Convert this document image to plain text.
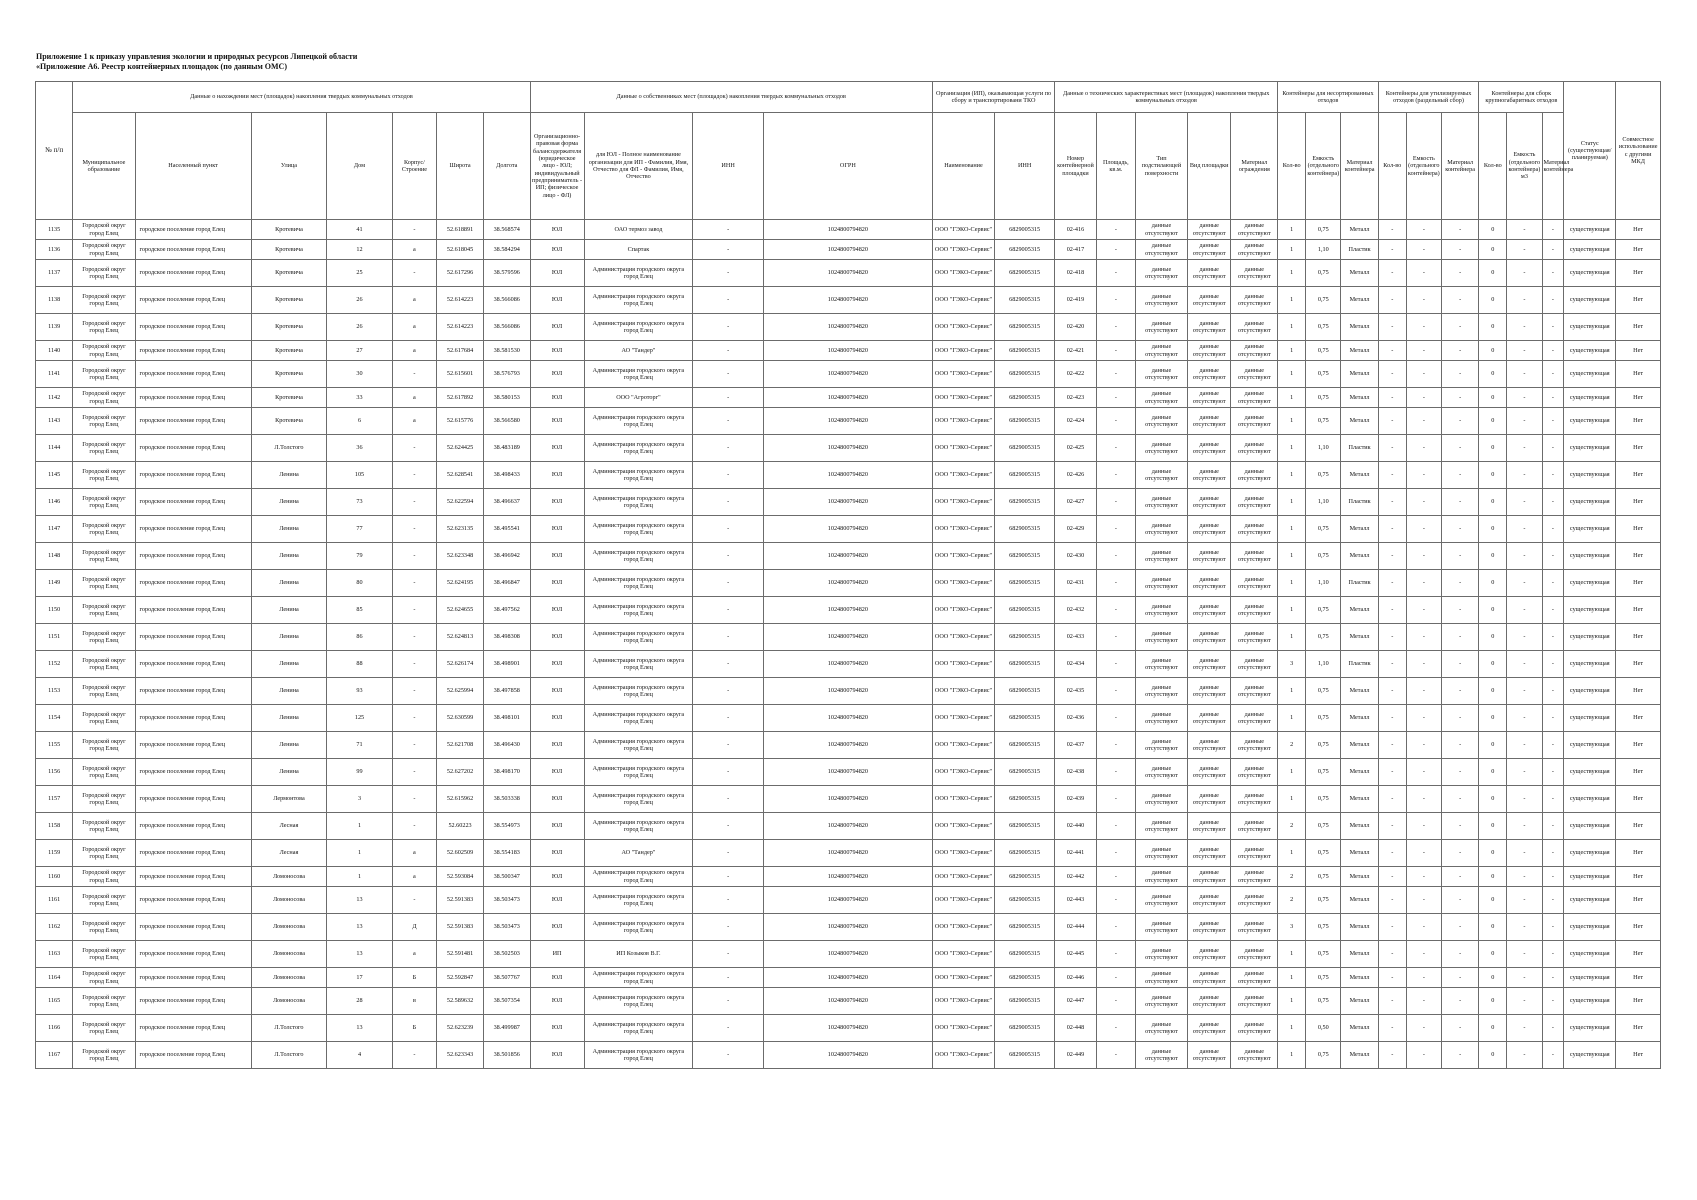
Приложение 1 к приказу управления экологии и природных ресурсов Липецкой области
«Приложение А6. Реестр контейнерных площадок (по данным ОМС)
№ п/п	Данные о нахождении мест (площадок) накопления твердых коммунальных отходов							Данные о собственниках мест (площадок) накопления твердых коммунальных отходов				Организация (ИП), оказывающая услуги по сбору и транспортировани ТКО		Данные о технических характеристиках мест (площадок) накопления твердых коммунальных отходов					Контейнеры для несортированных отходов			Контейнеры для утилизируемых отходов (раздельный сбор)			Контейнеры для сборк крупногабаритных отходов			Статус (существующая/ планируемая)	Совместное использование с другими МКД
	Муниципальное образование	Населенный пункт	Улица	Дом	Корпус/Строение	Широта	Долгота	Организационно-правовая форма балансодержателя (юридическое лицо - ЮЛ; индивидуальный предприниматель - ИП; физическое лицо - ФЛ)	для ЮЛ - Полное наименование организации для ИП - Фамилия, Имя, Отчество для ФЛ - Фамилия, Имя, Отчество	ИНН	ОГРН	Наименование	ИНН	Номер контейнерной площадки	Площадь, кв.м.	Тип подстилающей поверхности	Вид площадки	Материал ограждения	Кол-во	Емкость (отдельного контейнера)	Материал контейнера	Кол-во	Емкость (отдельного контейнера)	Материал контейнера	Кол-во	Емкость (отдельного контейнера) м3	Материал контейнера		
1135	Городской округ город Елец	городское поселение город Елец	Кротевича	41	-	52.618891	38.568574	ЮЛ	ОАО термоз завод	-	1024800794820	ООО "ГЭКО-Сервис"	6829005315	02-416	-	данные отсутствуют	данные отсутствуют	данные отсутствуют	1	0,75	Металл	-	-	-	0	-	-	существующая	Нет
1136	Городской округ город Елец	городское поселение город Елец	Кротевича	12	а	52.618045	38.584294	ЮЛ	Спартак	-	1024800794820	ООО "ГЭКО-Сервис"	6829005315	02-417	-	данные отсутствуют	данные отсутствуют	данные отсутствуют	1	1,10	Пластик	-	-	-	0	-	-	существующая	Нет
1137	Городской округ город Елец	городское поселение город Елец	Кротевича	25	-	52.617296	38.579596	ЮЛ	Администрация городского округа город Елец	-	1024800794820	ООО "ГЭКО-Сервис"	6829005315	02-418	-	данные отсутствуют	данные отсутствуют	данные отсутствуют	1	0,75	Металл	-	-	-	0	-	-	существующая	Нет
1138	Городской округ город Елец	городское поселение город Елец	Кротевича	26	а	52.614223	38.566086	ЮЛ	Администрация городского округа город Елец	-	1024800794820	ООО "ГЭКО-Сервис"	6829005315	02-419	-	данные отсутствуют	данные отсутствуют	данные отсутствуют	1	0,75	Металл	-	-	-	0	-	-	существующая	Нет
1139	Городской округ город Елец	городское поселение город Елец	Кротевича	26	а	52.614223	38.566086	ЮЛ	Администрация городского округа город Елец	-	1024800794820	ООО "ГЭКО-Сервис"	6829005315	02-420	-	данные отсутствуют	данные отсутствуют	данные отсутствуют	1	0,75	Металл	-	-	-	0	-	-	существующая	Нет
1140	Городской округ город Елец	городское поселение город Елец	Кротевича	27	а	52.617684	38.581530	ЮЛ	АО "Тандер"	-	1024800794820	ООО "ГЭКО-Сервис"	6829005315	02-421	-	данные отсутствуют	данные отсутствуют	данные отсутствуют	1	0,75	Металл	-	-	-	0	-	-	существующая	Нет
1141	Городской округ город Елец	городское поселение город Елец	Кротевича	30	-	52.615601	38.576793	ЮЛ	Администрация городского округа город Елец	-	1024800794820	ООО "ГЭКО-Сервис"	6829005315	02-422	-	данные отсутствуют	данные отсутствуют	данные отсутствуют	1	0,75	Металл	-	-	-	0	-	-	существующая	Нет
1142	Городской округ город Елец	городское поселение город Елец	Кротевича	33	а	52.617892	38.580153	ЮЛ	ООО "Агроторг"	-	1024800794820	ООО "ГЭКО-Сервис"	6829005315	02-423	-	данные отсутствуют	данные отсутствуют	данные отсутствуют	1	0,75	Металл	-	-	-	0	-	-	существующая	Нет
1143	Городской округ город Елец	городское поселение город Елец	Кротевича	6	а	52.615776	38.566580	ЮЛ	Администрация городского округа город Елец	-	1024800794820	ООО "ГЭКО-Сервис"	6829005315	02-424	-	данные отсутствуют	данные отсутствуют	данные отсутствуют	1	0,75	Металл	-	-	-	0	-	-	существующая	Нет
1144	Городской округ город Елец	городское поселение город Елец	Л.Толстого	36	-	52.624425	38.483189	ЮЛ	Администрация городского округа город Елец	-	1024800794820	ООО "ГЭКО-Сервис"	6829005315	02-425	-	данные отсутствуют	данные отсутствуют	данные отсутствуют	1	1,10	Пластик	-	-	-	0	-	-	существующая	Нет
1145	Городской округ город Елец	городское поселение город Елец	Ленина	105	-	52.628541	38.498433	ЮЛ	Администрация городского округа город Елец	-	1024800794820	ООО "ГЭКО-Сервис"	6829005315	02-426	-	данные отсутствуют	данные отсутствуют	данные отсутствуют	1	0,75	Металл	-	-	-	0	-	-	существующая	Нет
1146	Городской округ город Елец	городское поселение город Елец	Ленина	73	-	52.622594	38.496637	ЮЛ	Администрация городского округа город Елец	-	1024800794820	ООО "ГЭКО-Сервис"	6829005315	02-427	-	данные отсутствуют	данные отсутствуют	данные отсутствуют	1	1,10	Пластик	-	-	-	0	-	-	существующая	Нет
1147	Городской округ город Елец	городское поселение город Елец	Ленина	77	-	52.623135	38.495541	ЮЛ	Администрация городского округа город Елец	-	1024800794820	ООО "ГЭКО-Сервис"	6829005315	02-429	-	данные отсутствуют	данные отсутствуют	данные отсутствуют	1	0,75	Металл	-	-	-	0	-	-	существующая	Нет
1148	Городской округ город Елец	городское поселение город Елец	Ленина	79	-	52.623348	38.496942	ЮЛ	Администрация городского округа город Елец	-	1024800794820	ООО "ГЭКО-Сервис"	6829005315	02-430	-	данные отсутствуют	данные отсутствуют	данные отсутствуют	1	0,75	Металл	-	-	-	0	-	-	существующая	Нет
1149	Городской округ город Елец	городское поселение город Елец	Ленина	80	-	52.624195	38.496847	ЮЛ	Администрация городского округа город Елец	-	1024800794820	ООО "ГЭКО-Сервис"	6829005315	02-431	-	данные отсутствуют	данные отсутствуют	данные отсутствуют	1	1,10	Пластик	-	-	-	0	-	-	существующая	Нет
1150	Городской округ город Елец	городское поселение город Елец	Ленина	85	-	52.624655	38.497562	ЮЛ	Администрация городского округа город Елец	-	1024800794820	ООО "ГЭКО-Сервис"	6829005315	02-432	-	данные отсутствуют	данные отсутствуют	данные отсутствуют	1	0,75	Металл	-	-	-	0	-	-	существующая	Нет
1151	Городской округ город Елец	городское поселение город Елец	Ленина	86	-	52.624813	38.498308	ЮЛ	Администрация городского округа город Елец	-	1024800794820	ООО "ГЭКО-Сервис"	6829005315	02-433	-	данные отсутствуют	данные отсутствуют	данные отсутствуют	1	0,75	Металл	-	-	-	0	-	-	существующая	Нет
1152	Городской округ город Елец	городское поселение город Елец	Ленина	88	-	52.626174	38.498901	ЮЛ	Администрация городского округа город Елец	-	1024800794820	ООО "ГЭКО-Сервис"	6829005315	02-434	-	данные отсутствуют	данные отсутствуют	данные отсутствуют	3	1,10	Пластик	-	-	-	0	-	-	существующая	Нет
1153	Городской округ город Елец	городское поселение город Елец	Ленина	93	-	52.625994	38.497858	ЮЛ	Администрация городского округа город Елец	-	1024800794820	ООО "ГЭКО-Сервис"	6829005315	02-435	-	данные отсутствуют	данные отсутствуют	данные отсутствуют	1	0,75	Металл	-	-	-	0	-	-	существующая	Нет
1154	Городской округ город Елец	городское поселение город Елец	Ленина	125	-	52.630599	38.498101	ЮЛ	Администрация городского округа город Елец	-	1024800794820	ООО "ГЭКО-Сервис"	6829005315	02-436	-	данные отсутствуют	данные отсутствуют	данные отсутствуют	1	0,75	Металл	-	-	-	0	-	-	существующая	Нет
1155	Городской округ город Елец	городское поселение город Елец	Ленина	71	-	52.621708	38.496430	ЮЛ	Администрация городского округа город Елец	-	1024800794820	ООО "ГЭКО-Сервис"	6829005315	02-437	-	данные отсутствуют	данные отсутствуют	данные отсутствуют	2	0,75	Металл	-	-	-	0	-	-	существующая	Нет
1156	Городской округ город Елец	городское поселение город Елец	Ленина	99	-	52.627202	38.498170	ЮЛ	Администрация городского округа город Елец	-	1024800794820	ООО "ГЭКО-Сервис"	6829005315	02-438	-	данные отсутствуют	данные отсутствуют	данные отсутствуют	1	0,75	Металл	-	-	-	0	-	-	существующая	Нет
1157	Городской округ город Елец	городское поселение город Елец	Лермонтова	3	-	52.615962	38.503338	ЮЛ	Администрация городского округа город Елец	-	1024800794820	ООО "ГЭКО-Сервис"	6829005315	02-439	-	данные отсутствуют	данные отсутствуют	данные отсутствуют	1	0,75	Металл	-	-	-	0	-	-	существующая	Нет
1158	Городской округ город Елец	городское поселение город Елец	Лесная	1	-	52.60223	38.554973	ЮЛ	Администрация городского округа город Елец	-	1024800794820	ООО "ГЭКО-Сервис"	6829005315	02-440	-	данные отсутствуют	данные отсутствуют	данные отсутствуют	2	0,75	Металл	-	-	-	0	-	-	существующая	Нет
1159	Городской округ город Елец	городское поселение город Елец	Лесная	1	а	52.602509	38.554183	ЮЛ	АО "Тандер"	-	1024800794820	ООО "ГЭКО-Сервис"	6829005315	02-441	-	данные отсутствуют	данные отсутствуют	данные отсутствуют	1	0,75	Металл	-	-	-	0	-	-	существующая	Нет
1160	Городской округ город Елец	городское поселение город Елец	Ломоносова	1	а	52.593084	38.500347	ЮЛ	Администрация городского округа город Елец	-	1024800794820	ООО "ГЭКО-Сервис"	6829005315	02-442	-	данные отсутствуют	данные отсутствуют	данные отсутствуют	2	0,75	Металл	-	-	-	0	-	-	существующая	Нет
1161	Городской округ город Елец	городское поселение город Елец	Ломоносова	13	-	52.591383	38.503473	ЮЛ	Администрация городского округа город Елец	-	1024800794820	ООО "ГЭКО-Сервис"	6829005315	02-443	-	данные отсутствуют	данные отсутствуют	данные отсутствуют	2	0,75	Металл	-	-	-	0	-	-	существующая	Нет
1162	Городской округ город Елец	городское поселение город Елец	Ломоносова	13	Д	52.591383	38.503473	ЮЛ	Администрация городского округа город Елец	-	1024800794820	ООО "ГЭКО-Сервис"	6829005315	02-444	-	данные отсутствуют	данные отсутствуют	данные отсутствуют	3	0,75	Металл	-	-	-	0	-	-	существующая	Нет
1163	Городской округ город Елец	городское поселение город Елец	Ломоносова	13	а	52.591481	38.502503	ИП	ИП Козыков В.Г.	-	1024800794820	ООО "ГЭКО-Сервис"	6829005315	02-445	-	данные отсутствуют	данные отсутствуют	данные отсутствуют	1	0,75	Металл	-	-	-	0	-	-	существующая	Нет
1164	Городской округ город Елец	городское поселение город Елец	Ломоносова	17	Б	52.592847	38.507767	ЮЛ	Администрация городского округа город Елец	-	1024800794820	ООО "ГЭКО-Сервис"	6829005315	02-446	-	данные отсутствуют	данные отсутствуют	данные отсутствуют	1	0,75	Металл	-	-	-	0	-	-	существующая	Нет
1165	Городской округ город Елец	городское поселение город Елец	Ломоносова	28	в	52.589632	38.507354	ЮЛ	Администрация городского округа город Елец	-	1024800794820	ООО "ГЭКО-Сервис"	6829005315	02-447	-	данные отсутствуют	данные отсутствуют	данные отсутствуют	1	0,75	Металл	-	-	-	0	-	-	существующая	Нет
1166	Городской округ город Елец	городское поселение город Елец	Л.Толстого	13	Б	52.623239	38.499987	ЮЛ	Администрация городского округа город Елец	-	1024800794820	ООО "ГЭКО-Сервис"	6829005315	02-448	-	данные отсутствуют	данные отсутствуют	данные отсутствуют	1	0,50	Металл	-	-	-	0	-	-	существующая	Нет
1167	Городской округ город Елец	городское поселение город Елец	Л.Толстого	4	-	52.623343	38.501856	ЮЛ	Администрация городского округа город Елец	-	1024800794820	ООО "ГЭКО-Сервис"	6829005315	02-449	-	данные отсутствуют	данные отсутствуют	данные отсутствуют	1	0,75	Металл	-	-	-	0	-	-	существующая	Нет
